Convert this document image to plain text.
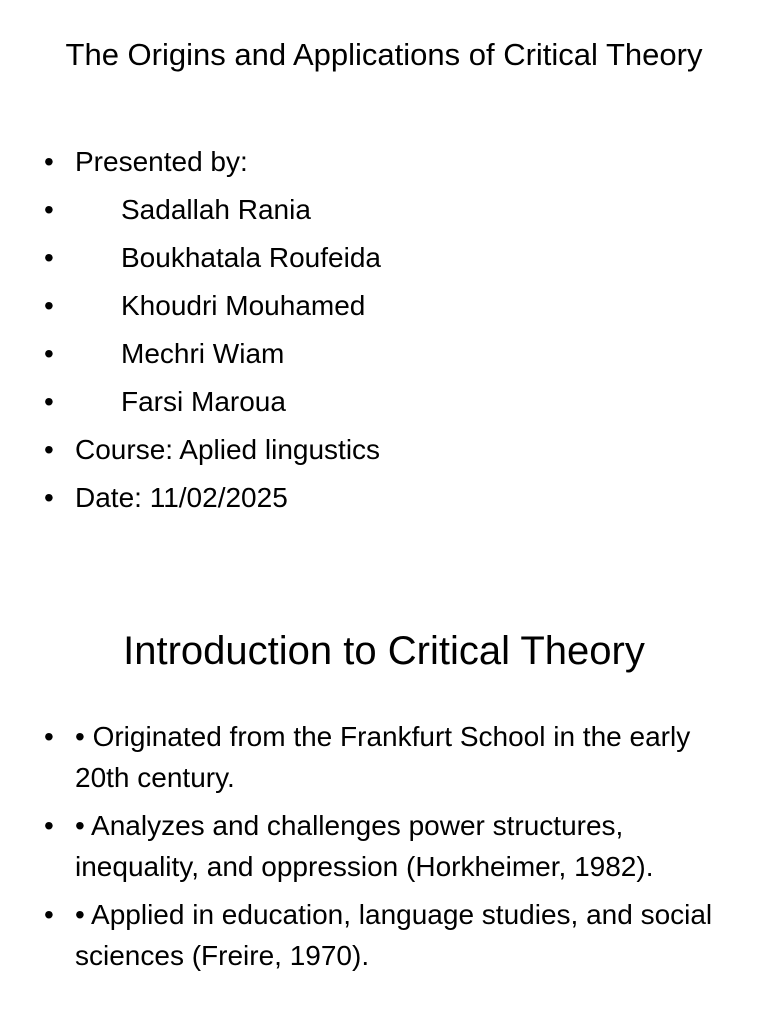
The Origins and Applications of Critical Theory
• Presented by:
•	Sadallah Rania
•	Boukhatala Roufeida
•	Khoudri Mouhamed
•	Mechri Wiam
•	Farsi Maroua
• Course: Aplied lingustics
• Date: 11/02/2025
Introduction to Critical Theory
• • Originated from the Frankfurt School in the early 20th century.
• • Analyzes and challenges power structures, inequality, and oppression (Horkheimer, 1982).
• • Applied in education, language studies, and social sciences (Freire, 1970).
